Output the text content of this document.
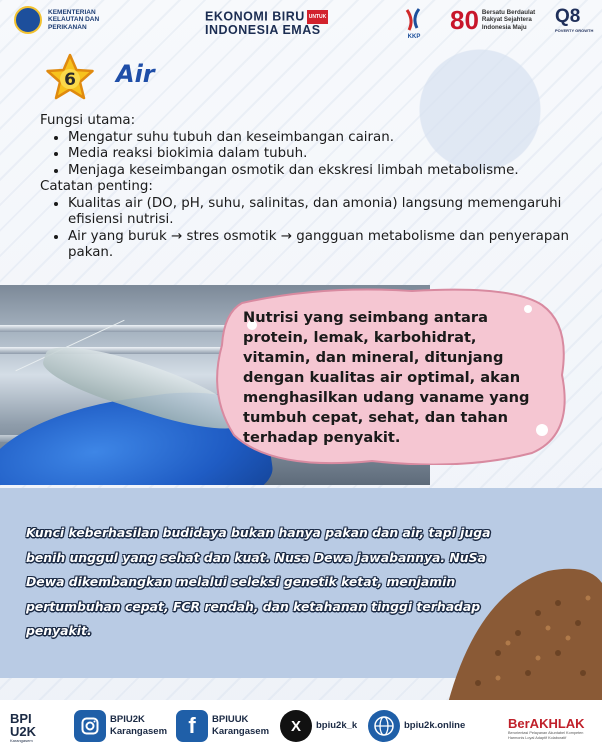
KEMENTERIAN KELAUTAN DAN PERIKANAN
EKONOMI BIRU UNTUK
INDONESIA EMAS	KKP
80 Bersatu Berdaulat Rakyat Sejahtera Indonesia Maju
Q8
POVERTY GROWTH
6 Air

Fungsi utama:

• Mengatur suhu tubuh dan keseimbangan cairan.
• Media reaksi biokimia dalam tubuh.
• Menjaga keseimbangan osmotik dan ekskresi limbah metabolisme.

Catatan penting:

• Kualitas air (DO, pH, suhu, salinitas, dan amonia) langsung memengaruhi efisiensi nutrisi.
• Air yang buruk → stres osmotik → gangguan metabolisme dan penyerapan pakan.
Nutrisi yang seimbang antara protein, lemak, karbohidrat, vitamin, dan mineral, ditunjang dengan kualitas air optimal, akan menghasilkan udang vaname yang tumbuh cepat, sehat, dan tahan terhadap penyakit.
Kunci keberhasilan budidaya bukan hanya pakan dan air, tapi juga benih unggul yang sehat dan kuat. Nusa Dewa jawabannya. NuSa Dewa dikembangkan melalui seleksi genetik ketat, menjamin pertumbuhan cepat, FCR rendah, dan ketahanan tinggi terhadap penyakit.
BPI
U2K
Karangasem
BPIU2K
Karangasem f	BPIUUK
Karangasem	X	bpiu2k_k	bpiu2k.online	BerAKHLAK
Berorientasi Pelayanan Akuntabel Kompeten Harmonis Loyal Adaptif Kolaboratif
